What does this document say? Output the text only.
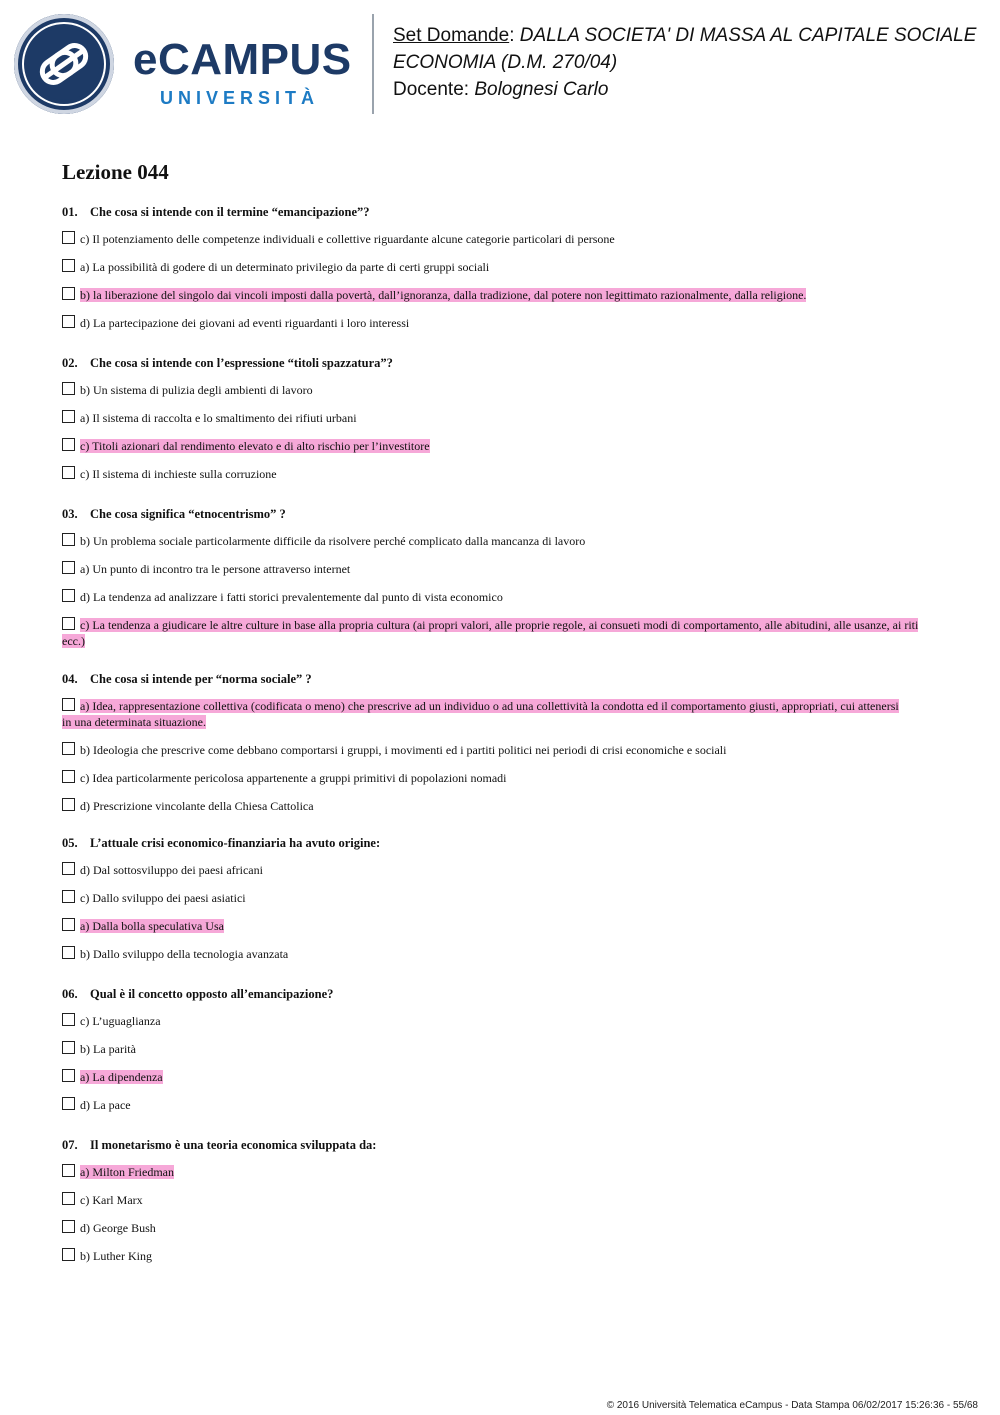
eCAMPUS
UNIVERSITÀ
Set Domande: DALLA SOCIETA' DI MASSA AL CAPITALE SOCIALE
ECONOMIA (D.M. 270/04)
Docente: Bolognesi Carlo
Lezione 044
01. Che cosa si intende con il termine “emancipazione”?
c) Il potenziamento delle competenze individuali e collettive riguardante alcune categorie particolari di persone
a) La possibilità di godere di un determinato privilegio da parte di certi gruppi sociali
b) la liberazione del singolo dai vincoli imposti dalla povertà, dall’ignoranza, dalla tradizione, dal potere non legittimato razionalmente, dalla religione.
d) La partecipazione dei giovani ad eventi riguardanti i loro interessi
02. Che cosa si intende con l’espressione “titoli spazzatura”?
b) Un sistema di pulizia degli ambienti di lavoro
a) Il sistema di raccolta e lo smaltimento dei rifiuti urbani
c) Titoli azionari dal rendimento elevato e di alto rischio per l’investitore
c) Il sistema di inchieste sulla corruzione
03. Che cosa significa “etnocentrismo” ?
b) Un problema sociale particolarmente difficile da risolvere perché complicato dalla mancanza di lavoro
a) Un punto di incontro tra le persone attraverso internet
d) La tendenza ad analizzare i fatti storici prevalentemente dal punto di vista economico
c) La tendenza a giudicare le altre culture in base alla propria cultura (ai propri valori, alle proprie regole, ai consueti modi di comportamento, alle abitudini, alle usanze, ai riti ecc.)
04. Che cosa si intende per “norma sociale” ?
a) Idea, rappresentazione collettiva (codificata o meno) che prescrive ad un individuo o ad una collettività la condotta ed il comportamento giusti, appropriati, cui attenersi in una determinata situazione.
b) Ideologia che prescrive come debbano comportarsi i gruppi, i movimenti ed i partiti politici nei periodi di crisi economiche e sociali
c) Idea particolarmente pericolosa appartenente a gruppi primitivi di popolazioni nomadi
d) Prescrizione vincolante della Chiesa Cattolica
05. L’attuale crisi economico-finanziaria ha avuto origine:
d) Dal sottosviluppo dei paesi africani
c) Dallo sviluppo dei paesi asiatici
a) Dalla bolla speculativa Usa
b) Dallo sviluppo della tecnologia avanzata
06. Qual è il concetto opposto all’emancipazione?
c) L’uguaglianza
b) La parità
a) La dipendenza
d) La pace
07. Il monetarismo è una teoria economica sviluppata da:
a) Milton Friedman
c) Karl Marx
d) George Bush
b) Luther King
© 2016 Università Telematica eCampus - Data Stampa 06/02/2017 15:26:36 - 55/68
